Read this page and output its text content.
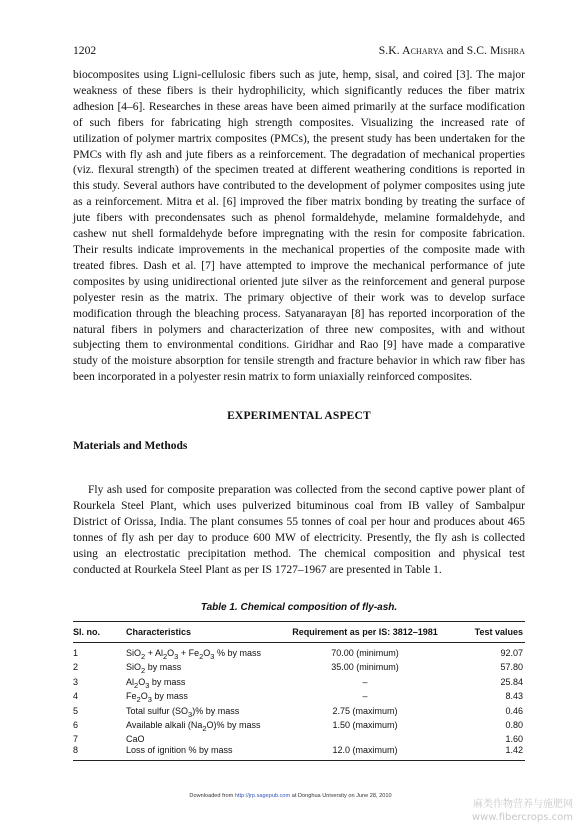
1202	S.K. Acharya and S.C. Mishra

biocomposites using Ligni-cellulosic fibers such as jute, hemp, sisal, and coired [3]. The major weakness of these fibers is their hydrophilicity, which significantly reduces the fiber matrix adhesion [4–6]. Researches in these areas have been aimed primarily at the surface modification of such fibers for fabricating high strength composites. Visualizing the increased rate of utilization of polymer martrix composites (PMCs), the present study has been undertaken for the PMCs with fly ash and jute fibers as a reinforcement. The degradation of mechanical properties (viz. flexural strength) of the specimen treated at different weathering conditions is reported in this study. Several authors have contributed to the development of polymer composites using jute as a reinforcement. Mitra et al. [6] improved the fiber matrix bonding by treating the surface of jute fibers with precondensates such as phenol formaldehyde, melamine formaldehyde, and cashew nut shell formaldehyde before impregnating with the resin for composite fabrication. Their results indicate improvements in the mechanical properties of the composite made with treated fibres. Dash et al. [7] have attempted to improve the mechanical performance of jute composites by using unidirectional oriented jute silver as the reinforcement and general purpose polyester resin as the matrix. The primary objective of their work was to develop surface modification through the bleaching process. Satyanarayan [8] has reported incorporation of the natural fibers in polymers and characterization of three new composites, with and without subjecting them to environmental conditions. Giridhar and Rao [9] have made a comparative study of the moisture absorption for tensile strength and fracture behavior in which raw fiber has been incorporated in a polyester resin matrix to form uniaxially reinforced composites.

EXPERIMENTAL ASPECT
Materials and Methods

Fly ash used for composite preparation was collected from the second captive power plant of Rourkela Steel Plant, which uses pulverized bituminous coal from IB valley of Sambalpur District of Orissa, India. The plant consumes 55 tonnes of coal per hour and produces about 465 tonnes of fly ash per day to produce 600 MW of electricity. Presently, the fly ash is collected using an electrostatic precipitation method. The chemical composition and physical test conducted at Rourkela Steel Plant as per IS 1727–1967 are presented in Table 1.

Table 1. Chemical composition of fly-ash.
Sl. no.	Characteristics	Requirement as per IS: 3812–1981	Test values
1	$SiO_2 + Al_2O_3 + Fe_2O_3$ % by mass	70.00 (minimum)	92.07
2	SiO$_2$ by mass	35.00 (minimum)	57.80
3	$Al_2O_3$ by mass	–	25.84
4	$Fe_2O_3$ by mass	–	8.43
5	Total sulfur $(SO_3)\%$ by mass	2.75 (maximum)	0.46
6	Available alkali $(Na_2O)\%$ by mass	1.50 (maximum)	0.80
7	CaO		1.60
8	Loss of ignition % by mass	12.0 (maximum)	1.42
Downloaded from http://jrp.sagepub.com at Donghua University on June 28, 2010
麻类作物营养与施肥网
www.fibercrops.com
